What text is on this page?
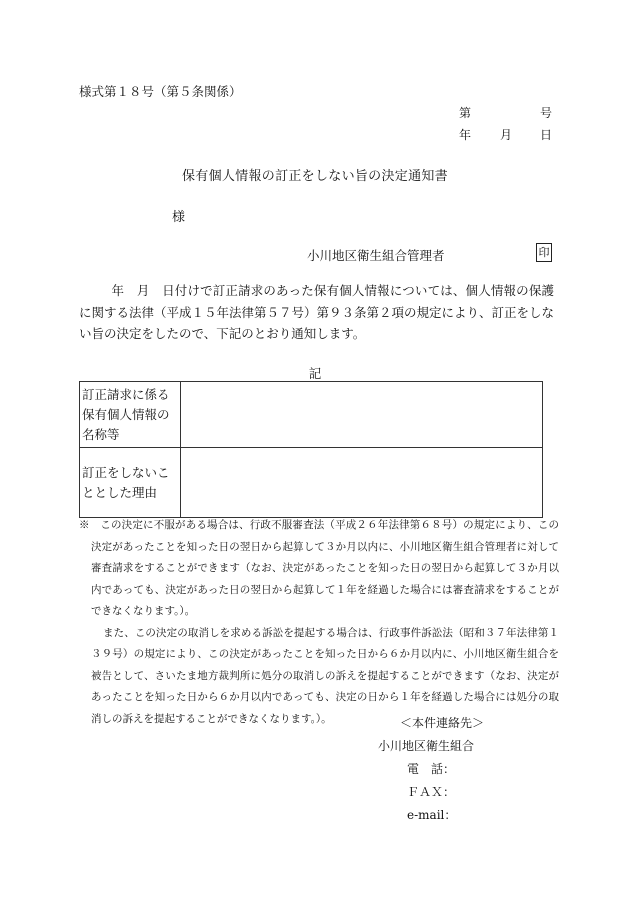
様式第１８号（第５条関係）
第	号
年 月 日
保有個人情報の訂正をしない旨の決定通知書
様
小川地区衛生組合管理者	印

年　月　日付けで訂正請求のあった保有個人情報については、個人情報の保護に関する法律（平成１５年法律第５７号）第９３条第２項の規定により、訂正をしない旨の決定をしたので、下記のとおり通知します。

記
訂正請求に係る保有個人情報の名称等	
訂正をしないこととした理由	

※　この決定に不服がある場合は、行政不服審査法（平成２６年法律第６８号）の規定により、この決定があったことを知った日の翌日から起算して３か月以内に、小川地区衛生組合管理者に対して審査請求をすることができます（なお、決定があったことを知った日の翌日から起算して３か月以内であっても、決定があった日の翌日から起算して１年を経過した場合には審査請求をすることができなくなります。）。

また、この決定の取消しを求める訴訟を提起する場合は、行政事件訴訟法（昭和３７年法律第１３９号）の規定により、この決定があったことを知った日から６か月以内に、小川地区衛生組合を被告として、さいたま地方裁判所に処分の取消しの訴えを提起することができます（なお、決定があったことを知った日から６か月以内であっても、決定の日から１年を経過した場合には処分の取消しの訴えを提起することができなくなります。）。	＜本件連絡先＞
小川地区衛生組合
電　話：
ＦＡＸ：
e-mail：
